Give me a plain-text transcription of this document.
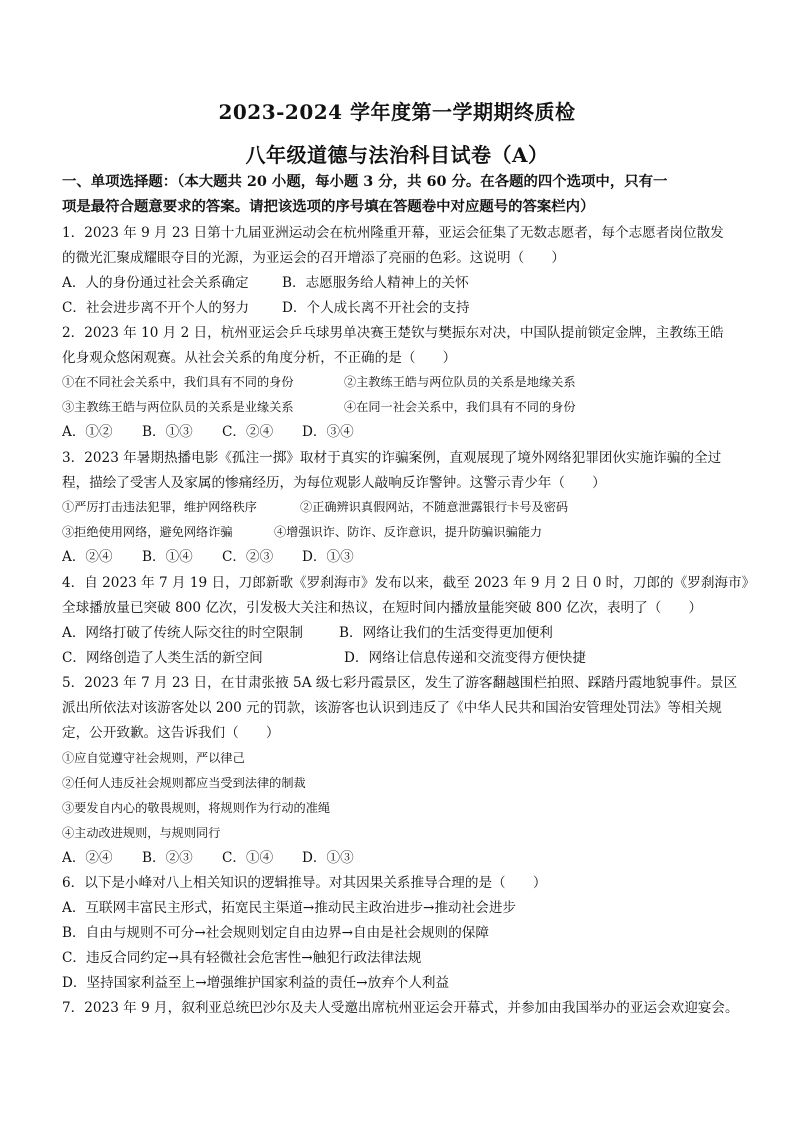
2023-2024 学年度第一学期期终质检
八年级道德与法治科目试卷（A）
一、单项选择题：（本大题共 20 小题，每小题 3 分，共 60 分。在各题的四个选项中，只有一
项是最符合题意要求的答案。请把该选项的序号填在答题卷中对应题号的答案栏内）
1．2023 年 9 月 23 日第十九届亚洲运动会在杭州隆重开幕，亚运会征集了无数志愿者，每个志愿者岗位散发
的微光汇聚成耀眼夺目的光源，为亚运会的召开增添了亮丽的色彩。这说明（　　）
A．人的身份通过社会关系确定	B．志愿服务给人精神上的关怀
C．社会进步离不开个人的努力	D．个人成长离不开社会的支持
2．2023 年 10 月 2 日，杭州亚运会乒乓球男单决赛王楚钦与樊振东对决，中国队提前锁定金牌，主教练王皓
化身观众悠闲观赛。从社会关系的角度分析，不正确的是（　　）
①在不同社会关系中，我们具有不同的身份	②主教练王皓与两位队员的关系是地缘关系
③主教练王皓与两位队员的关系是业缘关系	④在同一社会关系中，我们具有不同的身份
A．①②	B．①③	C．②④	D．③④
3．2023 年暑期热播电影《孤注一掷》取材于真实的诈骗案例，直观展现了境外网络犯罪团伙实施诈骗的全过
程，描绘了受害人及家属的惨痛经历，为每位观影人敲响反诈警钟。这警示青少年（　　）
①严厉打击违法犯罪，维护网络秩序	②正确辨识真假网站，不随意泄露银行卡号及密码
③拒绝使用网络，避免网络诈骗	④增强识诈、防诈、反诈意识，提升防骗识骗能力
A．②④	B．①④	C．②③	D．①③
4．自 2023 年 7 月 19 日，刀郎新歌《罗刹海市》发布以来，截至 2023 年 9 月 2 日 0 时，刀郎的《罗刹海市》
全球播放量已突破 800 亿次，引发极大关注和热议，在短时间内播放量能突破 800 亿次，表明了（　　）
A．网络打破了传统人际交往的时空限制	B．网络让我们的生活变得更加便利
C．网络创造了人类生活的新空间	D．网络让信息传递和交流变得方便快捷
5．2023 年 7 月 23 日，在甘肃张掖 5A 级七彩丹霞景区，发生了游客翻越围栏拍照、踩踏丹霞地貌事件。景区
派出所依法对该游客处以 200 元的罚款，该游客也认识到违反了《中华人民共和国治安管理处罚法》等相关规
定，公开致歉。这告诉我们（　　）
①应自觉遵守社会规则，严以律己
②任何人违反社会规则都应当受到法律的制裁
③要发自内心的敬畏规则，将规则作为行动的准绳
④主动改进规则，与规则同行
A．②④	B．②③	C．①④	D．①③
6．以下是小峰对八上相关知识的逻辑推导。对其因果关系推导合理的是（　　）
A．互联网丰富民主形式，拓宽民主渠道→推动民主政治进步→推动社会进步
B．自由与规则不可分→社会规则划定自由边界→自由是社会规则的保障
C．违反合同约定→具有轻微社会危害性→触犯行政法律法规
D．坚持国家利益至上→增强维护国家利益的责任→放弃个人利益
7．2023 年 9 月，叙利亚总统巴沙尔及夫人受邀出席杭州亚运会开幕式，并参加由我国举办的亚运会欢迎宴会。
